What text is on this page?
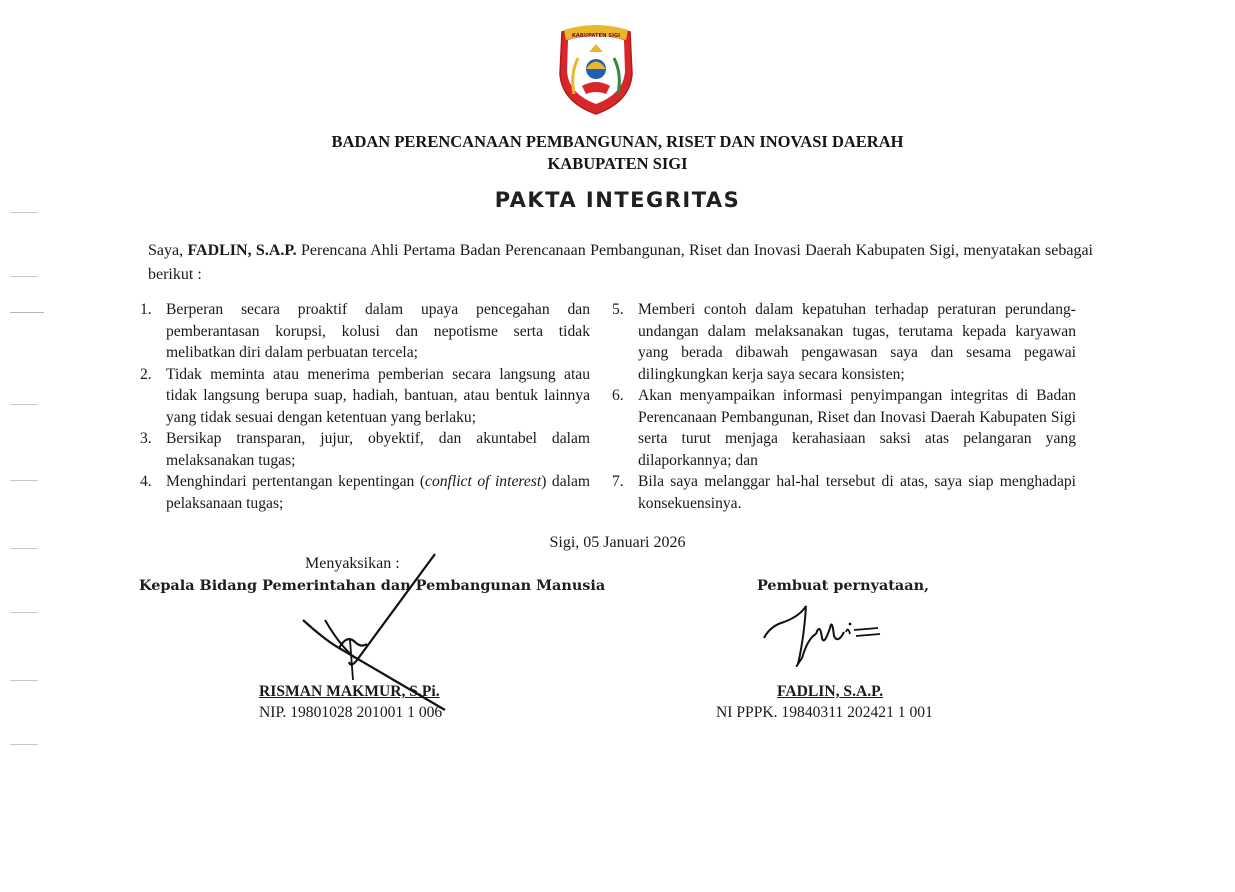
KABUPATEN SIGI
BADAN PERENCANAAN PEMBANGUNAN, RISET DAN INOVASI DAERAH
KABUPATEN SIGI
PAKTA INTEGRITAS
Saya, FADLIN, S.A.P. Perencana Ahli Pertama Badan Perencanaan Pembangunan, Riset dan Inovasi Daerah Kabupaten Sigi, menyatakan sebagai berikut :
1. Berperan secara proaktif dalam upaya pencegahan dan pemberantasan korupsi, kolusi dan nepotisme serta tidak melibatkan diri dalam perbuatan tercela;
2. Tidak meminta atau menerima pemberian secara langsung atau tidak langsung berupa suap, hadiah, bantuan, atau bentuk lainnya yang tidak sesuai dengan ketentuan yang berlaku;
3. Bersikap transparan, jujur, obyektif, dan akuntabel dalam melaksanakan tugas;
4. Menghindari pertentangan kepentingan (conflict of interest) dalam pelaksanaan tugas;
5. Memberi contoh dalam kepatuhan terhadap peraturan perundang-undangan dalam melaksanakan tugas, terutama kepada karyawan yang berada dibawah pengawasan saya dan sesama pegawai dilingkungkan kerja saya secara konsisten;
6. Akan menyampaikan informasi penyimpangan integritas di Badan Perencanaan Pembangunan, Riset dan Inovasi Daerah Kabupaten Sigi serta turut menjaga kerahasiaan saksi atas pelangaran yang dilaporkannya; dan
7. Bila saya melanggar hal-hal tersebut di atas, saya siap menghadapi konsekuensinya.
Sigi, 05 Januari 2026
Menyaksikan :
Kepala Bidang Pemerintahan dan Pembangunan Manusia	Pembuat pernyataan,
RISMAN MAKMUR, S.Pi.
NIP. 19801028 201001 1 006
FADLIN, S.A.P.
NI PPPK. 19840311 202421 1 001
